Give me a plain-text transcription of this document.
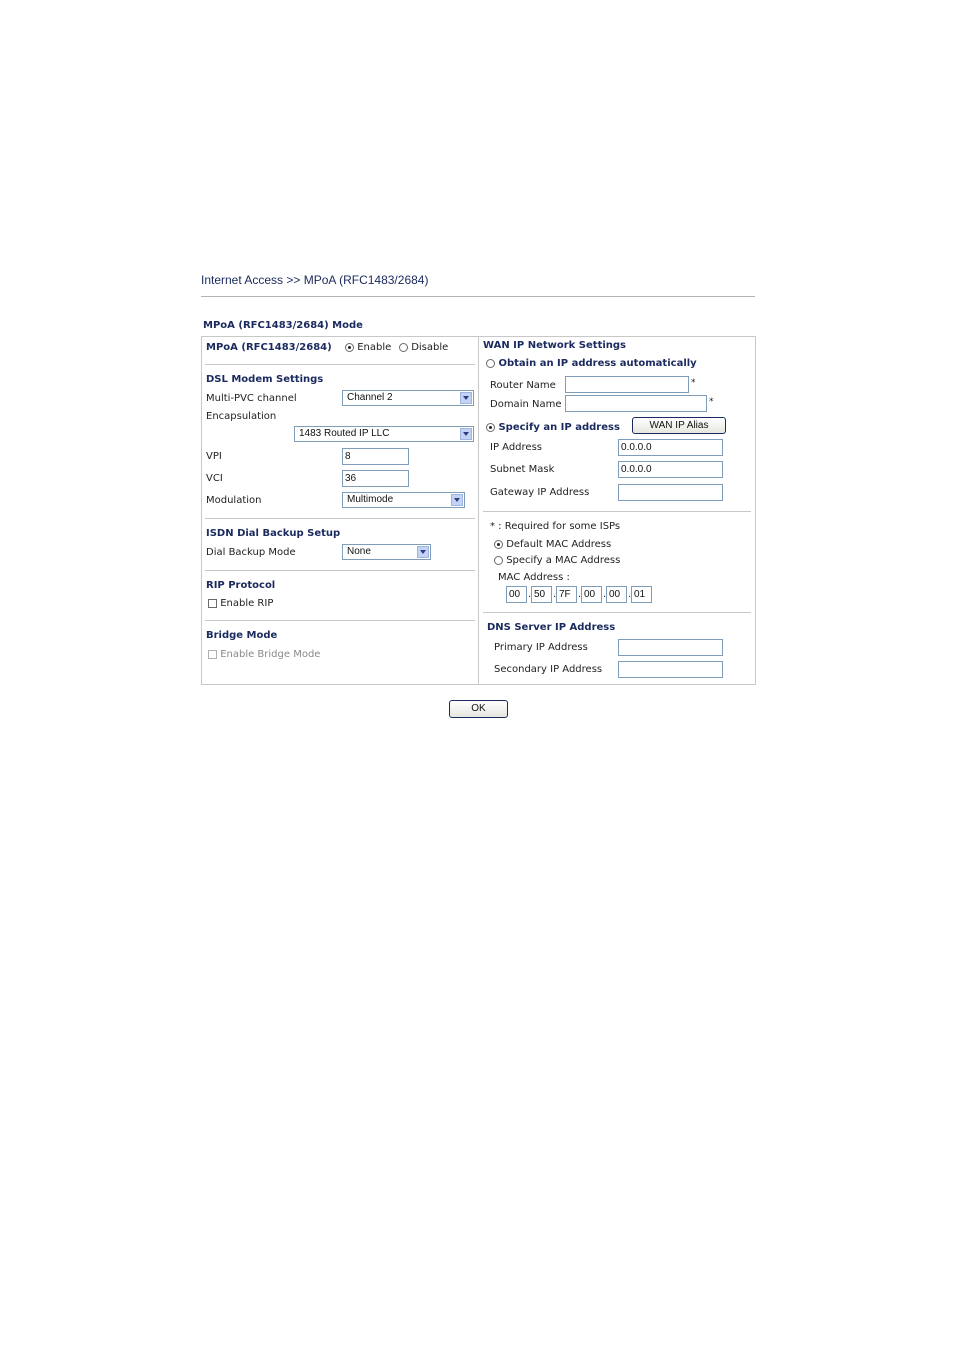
Internet Access >> MPoA (RFC1483/2684)
MPoA (RFC1483/2684) Mode
MPoA (RFC1483/2684)	Enable	Disable
DSL Modem Settings
Multi-PVC channel	Channel 2
Encapsulation
1483 Routed IP LLC
VPI	8
VCI	36
Modulation	Multimode
ISDN Dial Backup Setup
Dial Backup Mode	None
RIP Protocol
Enable RIP
Bridge Mode
Enable Bridge Mode
WAN IP Network Settings
Obtain an IP address automatically
Router Name	*
Domain Name	*
Specify an IP address	WAN IP Alias
IP Address	0.0.0.0
Subnet Mask	0.0.0.0
Gateway IP Address
* : Required for some ISPs
Default MAC Address
Specify a MAC Address
MAC Address :
00 . 50 . 7F . 00 . 00 . 01
DNS Server IP Address
Primary IP Address
Secondary IP Address
OK
